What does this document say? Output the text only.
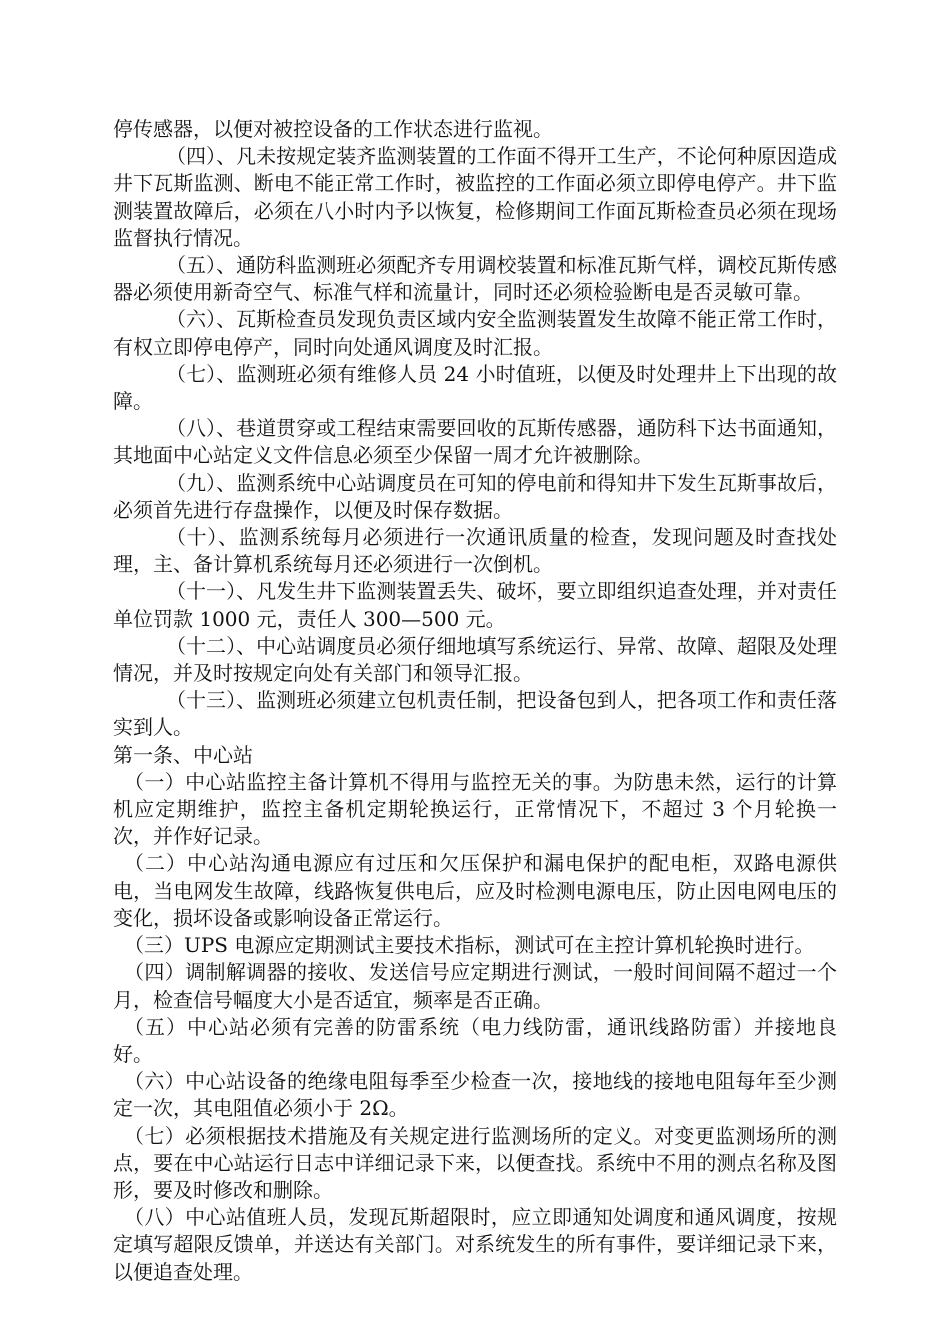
停传感器，以便对被控设备的工作状态进行监视。

（四）、凡未按规定装齐监测装置的工作面不得开工生产，不论何种原因造成井下瓦斯监测、断电不能正常工作时，被监控的工作面必须立即停电停产。井下监测装置故障后，必须在八小时内予以恢复，检修期间工作面瓦斯检查员必须在现场监督执行情况。

（五）、通防科监测班必须配齐专用调校装置和标准瓦斯气样，调校瓦斯传感器必须使用新奇空气、标准气样和流量计，同时还必须检验断电是否灵敏可靠。

（六）、瓦斯检查员发现负责区域内安全监测装置发生故障不能正常工作时，有权立即停电停产，同时向处通风调度及时汇报。

（七）、监测班必须有维修人员 24 小时值班，以便及时处理井上下出现的故障。

（八）、巷道贯穿或工程结束需要回收的瓦斯传感器，通防科下达书面通知，其地面中心站定义文件信息必须至少保留一周才允许被删除。

（九）、监测系统中心站调度员在可知的停电前和得知井下发生瓦斯事故后，必须首先进行存盘操作，以便及时保存数据。

（十）、监测系统每月必须进行一次通讯质量的检查，发现问题及时查找处理，主、备计算机系统每月还必须进行一次倒机。

（十一）、凡发生井下监测装置丢失、破坏，要立即组织追查处理，并对责任单位罚款 1000 元，责任人 300—500 元。

（十二）、中心站调度员必须仔细地填写系统运行、异常、故障、超限及处理情况，并及时按规定向处有关部门和领导汇报。

（十三）、监测班必须建立包机责任制，把设备包到人，把各项工作和责任落实到人。

第一条、中心站

（一）中心站监控主备计算机不得用与监控无关的事。为防患未然，运行的计算机应定期维护，监控主备机定期轮换运行，正常情况下，不超过 3 个月轮换一次，并作好记录。

（二）中心站沟通电源应有过压和欠压保护和漏电保护的配电柜，双路电源供电，当电网发生故障，线路恢复供电后，应及时检测电源电压，防止因电网电压的变化，损坏设备或影响设备正常运行。

（三）UPS 电源应定期测试主要技术指标，测试可在主控计算机轮换时进行。

（四）调制解调器的接收、发送信号应定期进行测试，一般时间间隔不超过一个月，检查信号幅度大小是否适宜，频率是否正确。

（五）中心站必须有完善的防雷系统（电力线防雷，通讯线路防雷）并接地良好。

（六）中心站设备的绝缘电阻每季至少检查一次，接地线的接地电阻每年至少测定一次，其电阻值必须小于 2Ω。

（七）必须根据技术措施及有关规定进行监测场所的定义。对变更监测场所的测点，要在中心站运行日志中详细记录下来，以便查找。系统中不用的测点名称及图形，要及时修改和删除。

（八）中心站值班人员，发现瓦斯超限时，应立即通知处调度和通风调度，按规定填写超限反馈单，并送达有关部门。对系统发生的所有事件，要详细记录下来，以便追查处理。
